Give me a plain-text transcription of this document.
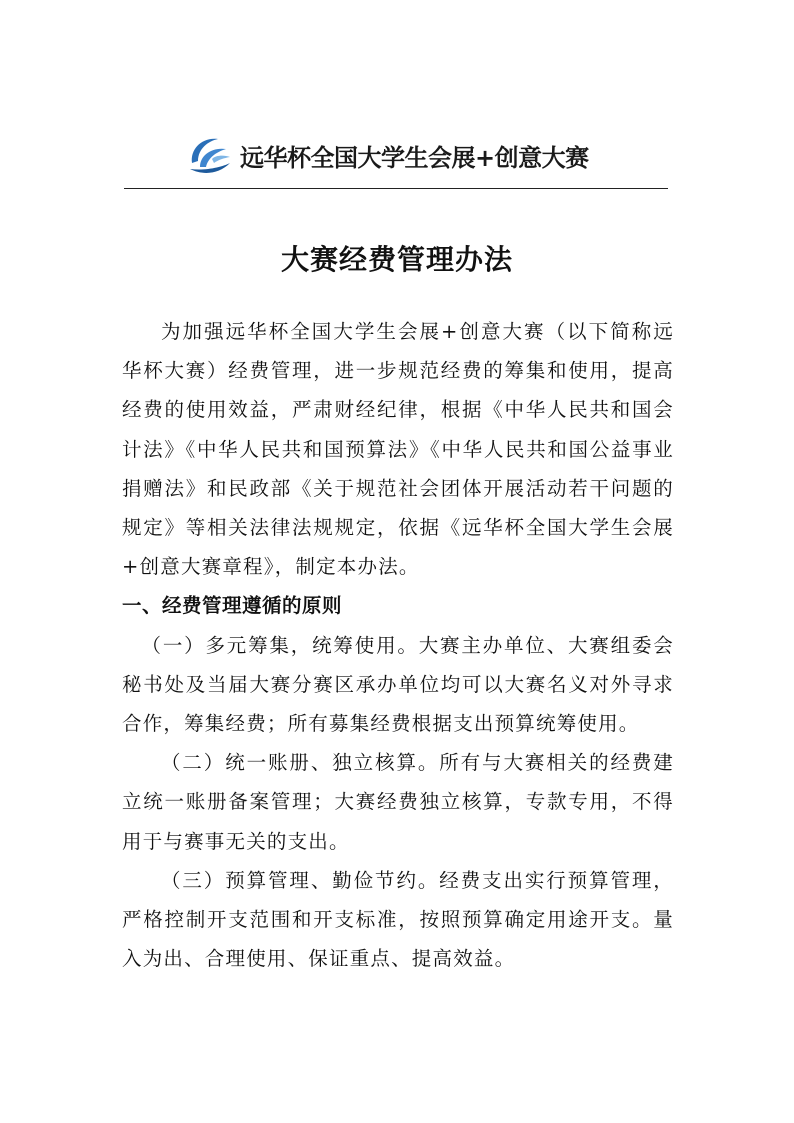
远华杯全国大学生会展+创意大赛
大赛经费管理办法

为加强远华杯全国大学生会展+创意大赛（以下简称远华杯大赛）经费管理，进一步规范经费的筹集和使用，提高经费的使用效益，严肃财经纪律，根据《中华人民共和国会计法》《中华人民共和国预算法》《中华人民共和国公益事业捐赠法》和民政部《关于规范社会团体开展活动若干问题的规定》等相关法律法规规定，依据《远华杯全国大学生会展+创意大赛章程》，制定本办法。

一、经费管理遵循的原则

（一）多元筹集，统筹使用。大赛主办单位、大赛组委会秘书处及当届大赛分赛区承办单位均可以大赛名义对外寻求合作，筹集经费；所有募集经费根据支出预算统筹使用。

（二）统一账册、独立核算。所有与大赛相关的经费建立统一账册备案管理；大赛经费独立核算，专款专用，不得用于与赛事无关的支出。

（三）预算管理、勤俭节约。经费支出实行预算管理，严格控制开支范围和开支标准，按照预算确定用途开支。量入为出、合理使用、保证重点、提高效益。
